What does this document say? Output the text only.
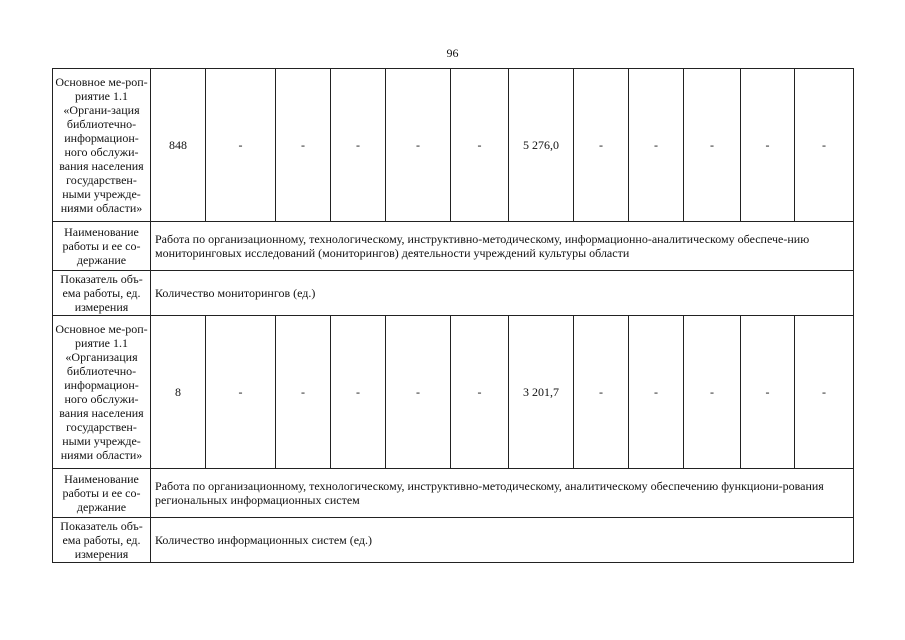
96
Основное ме-роп-риятие 1.1 «Органи-зация библиотечно-информацион-ного обслужи-вания населения государствен-ными учрежде-ниями области»	848	-	-	-	-	-	5 276,0	-	-	-	-	-
Наименование работы и ее со-держание	Работа по организационному, технологическому, инструктивно-методическому, информационно-аналитическому обеспече-нию мониторинговых исследований (мониторингов) деятельности учреждений культуры области											
Показатель объ-ема работы, ед. измерения	Количество мониторингов (ед.)											
Основное ме-роп-риятие 1.1 «Организация библиотечно-информацион-ного обслужи-вания населения государствен-ными учрежде-ниями области»	8	-	-	-	-	-	3 201,7	-	-	-	-	-
Наименование работы и ее со-держание	Работа по организационному, технологическому, инструктивно-методическому, аналитическому обеспечению функциони-рования региональных информационных систем											
Показатель объ-ема работы, ед. измерения	Количество информационных систем (ед.)											
